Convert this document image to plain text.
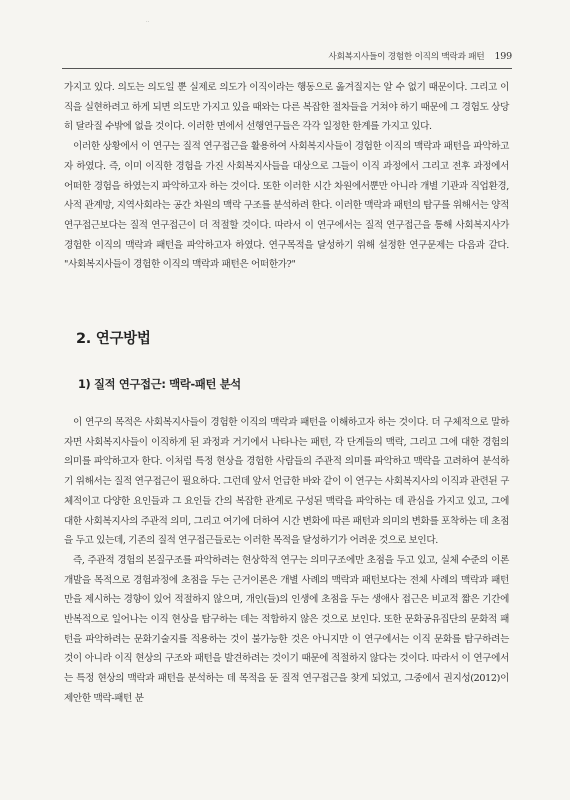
..
사회복지사들이 경험한 이직의 맥락과 패턴 199

가지고 있다. 의도는 의도일 뿐 실제로 의도가 이직이라는 행동으로 옮겨질지는 알 수 없기 때문이다. 그리고 이직을 실현하려고 하게 되면 의도만 가지고 있을 때와는 다른 복잡한 절차들을 거쳐야 하기 때문에 그 경험도 상당히 달라질 수밖에 없을 것이다. 이러한 면에서 선행연구들은 각각 일정한 한계를 가지고 있다.

이러한 상황에서 이 연구는 질적 연구접근을 활용하여 사회복지사들이 경험한 이직의 맥락과 패턴을 파악하고자 하였다. 즉, 이미 이직한 경험을 가진 사회복지사들을 대상으로 그들이 이직 과정에서 그리고 전후 과정에서 어떠한 경험을 하였는지 파악하고자 하는 것이다. 또한 이러한 시간 차원에서뿐만 아니라 개별 기관과 직업환경, 사적 관계망, 지역사회라는 공간 차원의 맥락 구조를 분석하려 한다. 이러한 맥락과 패턴의 탐구를 위해서는 양적 연구접근보다는 질적 연구접근이 더 적절할 것이다. 따라서 이 연구에서는 질적 연구접근을 통해 사회복지사가 경험한 이직의 맥락과 패턴을 파악하고자 하였다. 연구목적을 달성하기 위해 설정한 연구문제는 다음과 같다. "사회복지사들이 경험한 이직의 맥락과 패턴은 어떠한가?"

2. 연구방법
1) 질적 연구접근: 맥락-패턴 분석

이 연구의 목적은 사회복지사들이 경험한 이직의 맥락과 패턴을 이해하고자 하는 것이다. 더 구체적으로 말하자면 사회복지사들이 이직하게 된 과정과 거기에서 나타나는 패턴, 각 단계들의 맥락, 그리고 그에 대한 경험의 의미를 파악하고자 한다. 이처럼 특정 현상을 경험한 사람들의 주관적 의미를 파악하고 맥락을 고려하여 분석하기 위해서는 질적 연구접근이 필요하다. 그런데 앞서 언급한 바와 같이 이 연구는 사회복지사의 이직과 관련된 구체적이고 다양한 요인들과 그 요인들 간의 복잡한 관계로 구성된 맥락을 파악하는 데 관심을 가지고 있고, 그에 대한 사회복지사의 주관적 의미, 그리고 여기에 더하여 시간 변화에 따른 패턴과 의미의 변화를 포착하는 데 초점을 두고 있는데, 기존의 질적 연구접근들로는 이러한 목적을 달성하기가 어려운 것으로 보인다.

즉, 주관적 경험의 본질구조를 파악하려는 현상학적 연구는 의미구조에만 초점을 두고 있고, 실체 수준의 이론 개발을 목적으로 경험과정에 초점을 두는 근거이론은 개별 사례의 맥락과 패턴보다는 전체 사례의 맥락과 패턴만을 제시하는 경향이 있어 적절하지 않으며, 개인(들)의 인생에 초점을 두는 생애사 접근은 비교적 짧은 기간에 반복적으로 일어나는 이직 현상을 탐구하는 데는 적합하지 않은 것으로 보인다. 또한 문화공유집단의 문화적 패턴을 파악하려는 문화기술지를 적용하는 것이 불가능한 것은 아니지만 이 연구에서는 이직 문화를 탐구하려는 것이 아니라 이직 현상의 구조와 패턴을 발견하려는 것이기 때문에 적절하지 않다는 것이다. 따라서 이 연구에서는 특정 현상의 맥락과 패턴을 분석하는 데 목적을 둔 질적 연구접근을 찾게 되었고, 그중에서 권지성(2012)이 제안한 맥락-패턴 분
